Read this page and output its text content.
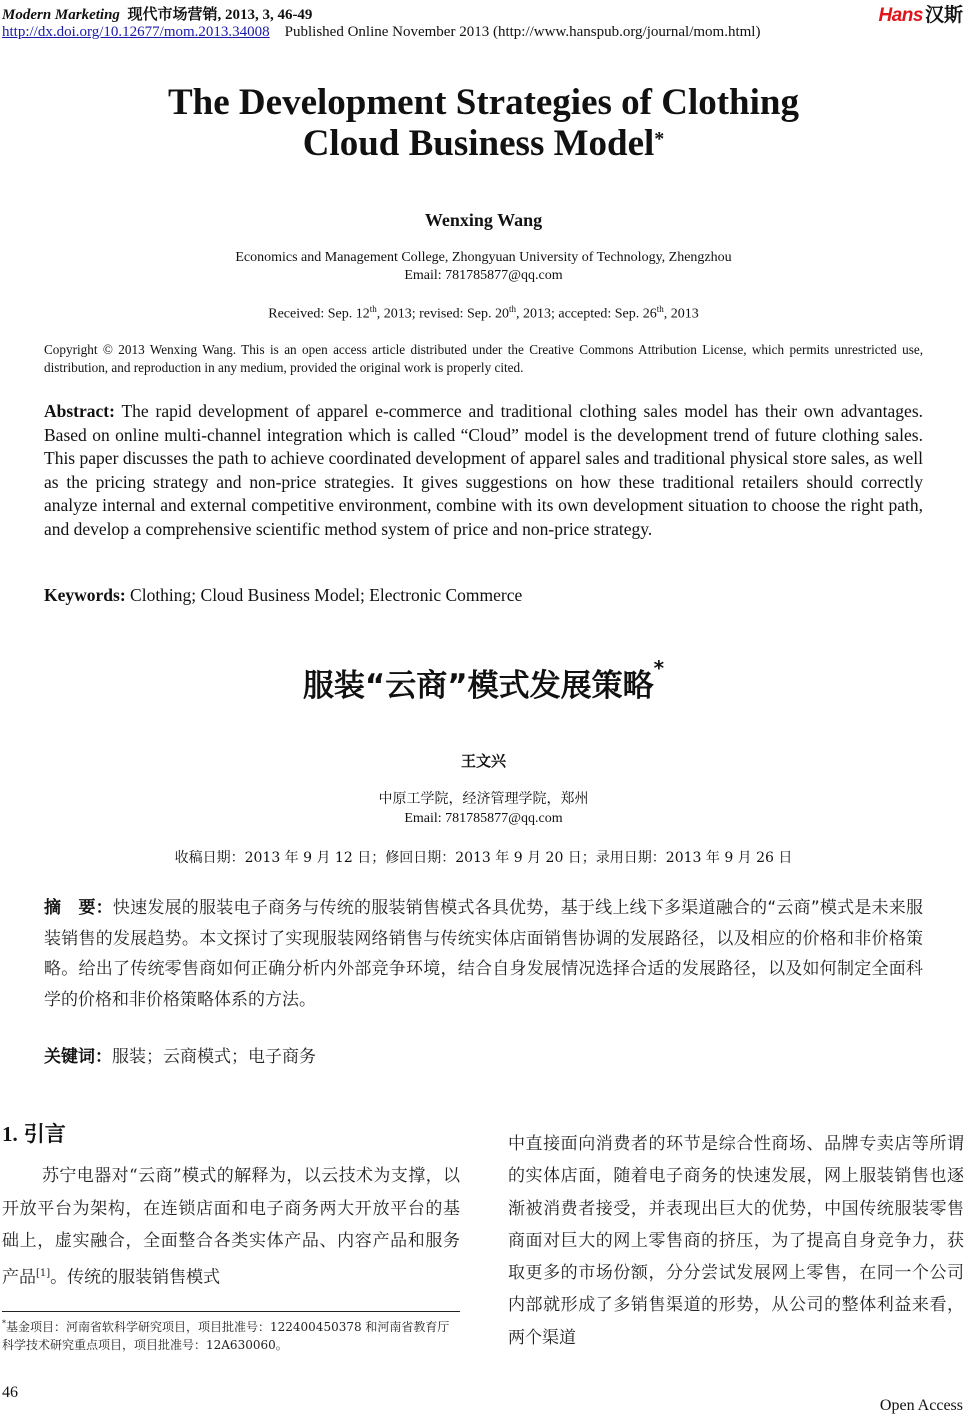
Modern Marketing 现代市场营销, 2013, 3, 46-49
http://dx.doi.org/10.12677/mom.2013.34008 Published Online November 2013 (http://www.hanspub.org/journal/mom.html)
Hans 汉斯
The Development Strategies of Clothing
Cloud Business Model*
Wenxing Wang
Economics and Management College, Zhongyuan University of Technology, Zhengzhou
Email: 781785877@qq.com
Received: Sep. 12th, 2013; revised: Sep. 20th, 2013; accepted: Sep. 26th, 2013
Copyright © 2013 Wenxing Wang. This is an open access article distributed under the Creative Commons Attribution License, which permits unrestricted use, distribution, and reproduction in any medium, provided the original work is properly cited.
Abstract: The rapid development of apparel e-commerce and traditional clothing sales model has their own advantages. Based on online multi-channel integration which is called “Cloud” model is the development trend of future clothing sales. This paper discusses the path to achieve coordinated development of apparel sales and traditional physical store sales, as well as the pricing strategy and non-price strategies. It gives suggestions on how these traditional retailers should correctly analyze internal and external competitive environment, combine with its own development situation to choose the right path, and develop a comprehensive scientific method system of price and non-price strategy.
Keywords: Clothing; Cloud Business Model; Electronic Commerce
服装“云商”模式发展策略*
王文兴
中原工学院，经济管理学院，郑州
Email: 781785877@qq.com
收稿日期：2013 年 9 月 12 日；修回日期：2013 年 9 月 20 日；录用日期：2013 年 9 月 26 日
摘　要：快速发展的服装电子商务与传统的服装销售模式各具优势，基于线上线下多渠道融合的“云商”模式是未来服装销售的发展趋势。本文探讨了实现服装网络销售与传统实体店面销售协调的发展路径，以及相应的价格和非价格策略。给出了传统零售商如何正确分析内外部竞争环境，结合自身发展情况选择合适的发展路径，以及如何制定全面科学的价格和非价格策略体系的方法。
关键词：服装；云商模式；电子商务
1. 引言
苏宁电器对“云商”模式的解释为，以云技术为支撑，以开放平台为架构，在连锁店面和电子商务两大开放平台的基础上，虚实融合，全面整合各类实体产品、内容产品和服务产品[1]。传统的服装销售模式
中直接面向消费者的环节是综合性商场、品牌专卖店等所谓的实体店面，随着电子商务的快速发展，网上服装销售也逐渐被消费者接受，并表现出巨大的优势，中国传统服装零售商面对巨大的网上零售商的挤压，为了提高自身竞争力，获取更多的市场份额，分分尝试发展网上零售，在同一个公司内部就形成了多销售渠道的形势，从公司的整体利益来看，两个渠道
*基金项目：河南省软科学研究项目，项目批准号：122400450378 和河南省教育厅科学技术研究重点项目，项目批准号：12A630060。
46
Open Access
